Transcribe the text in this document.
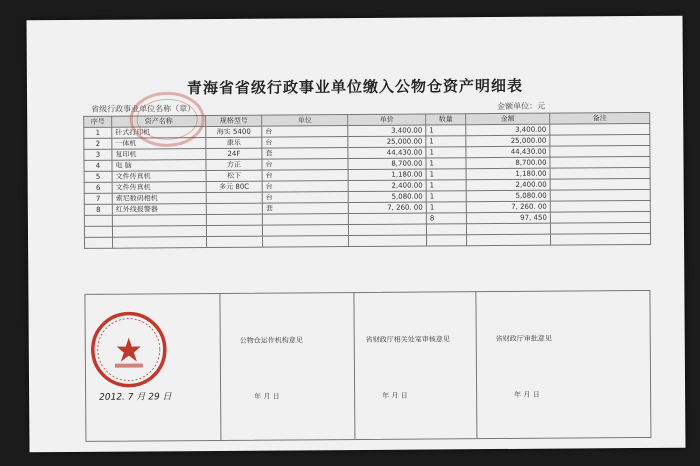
青海省省级行政事业单位缴入公物仓资产明细表
省级行政事业单位名称（章）	金额单位：元
序号	资产名称	规格型号	单位	单价	数量	金额	备注
1	针式打印机	海实 5400	台	3,400.00	1	3,400.00	
2	一体机	康乐	台	25,000.00	1	25,000.00	
3	复印机	24F	套	44,430.00	1	44,430.00	
4	电 脑	方正	台	8,700.00	1	8,700.00	
5	文件传真机	松下	台	1,180.00	1	1,180.00	
6	文件传真机	多元 80C	台	2,400.00	1	2,400.00	
7	索尼数码相机		台	5,080.00	1	5,080.00	
8	红外线报警器		套	7, 260. 00	1	7, 260. 00	
					8	97, 450	

公物仓运作机构意见	省财政厅相关处室审核意见	省财政厅审批意见
年 月 日	年 月 日	年 月 日
2012. 7 月 29 日
